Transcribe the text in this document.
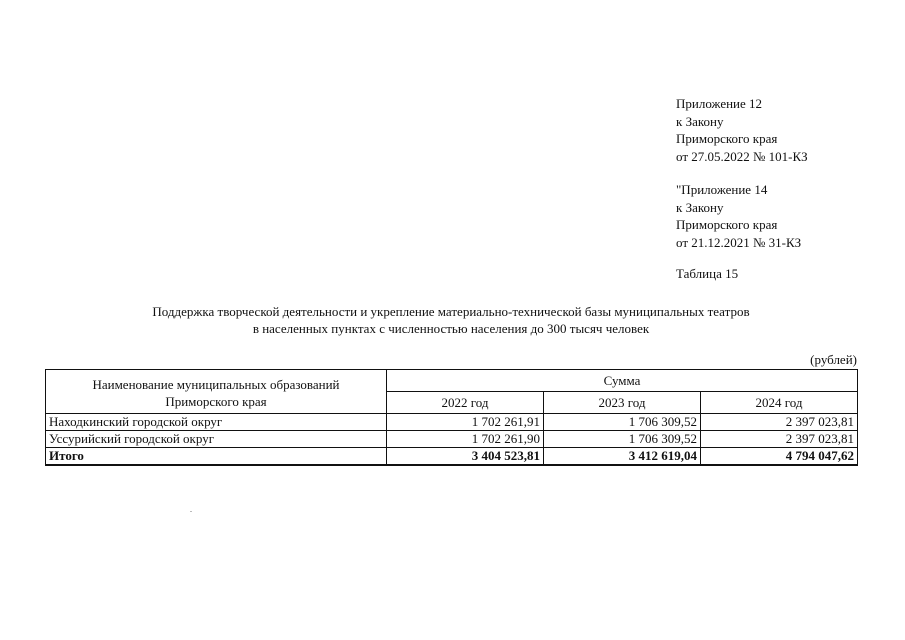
Приложение 12
к Закону
Приморского края
от 27.05.2022 № 101-КЗ
"Приложение 14
к Закону
Приморского края
от 21.12.2021 № 31-КЗ
Таблица 15
Поддержка творческой деятельности и укрепление материально-технической базы муниципальных театров
в населенных пунктах с численностью населения до 300 тысяч человек
(рублей)
Наименование муниципальных образований
Приморского края	Сумма		
	2022 год	2023 год	2024 год
Находкинский городской округ	1 702 261,91	1 706 309,52	2 397 023,81
Уссурийский городской округ	1 702 261,90	1 706 309,52	2 397 023,81
Итого	3 404 523,81	3 412 619,04	4 794 047,62
